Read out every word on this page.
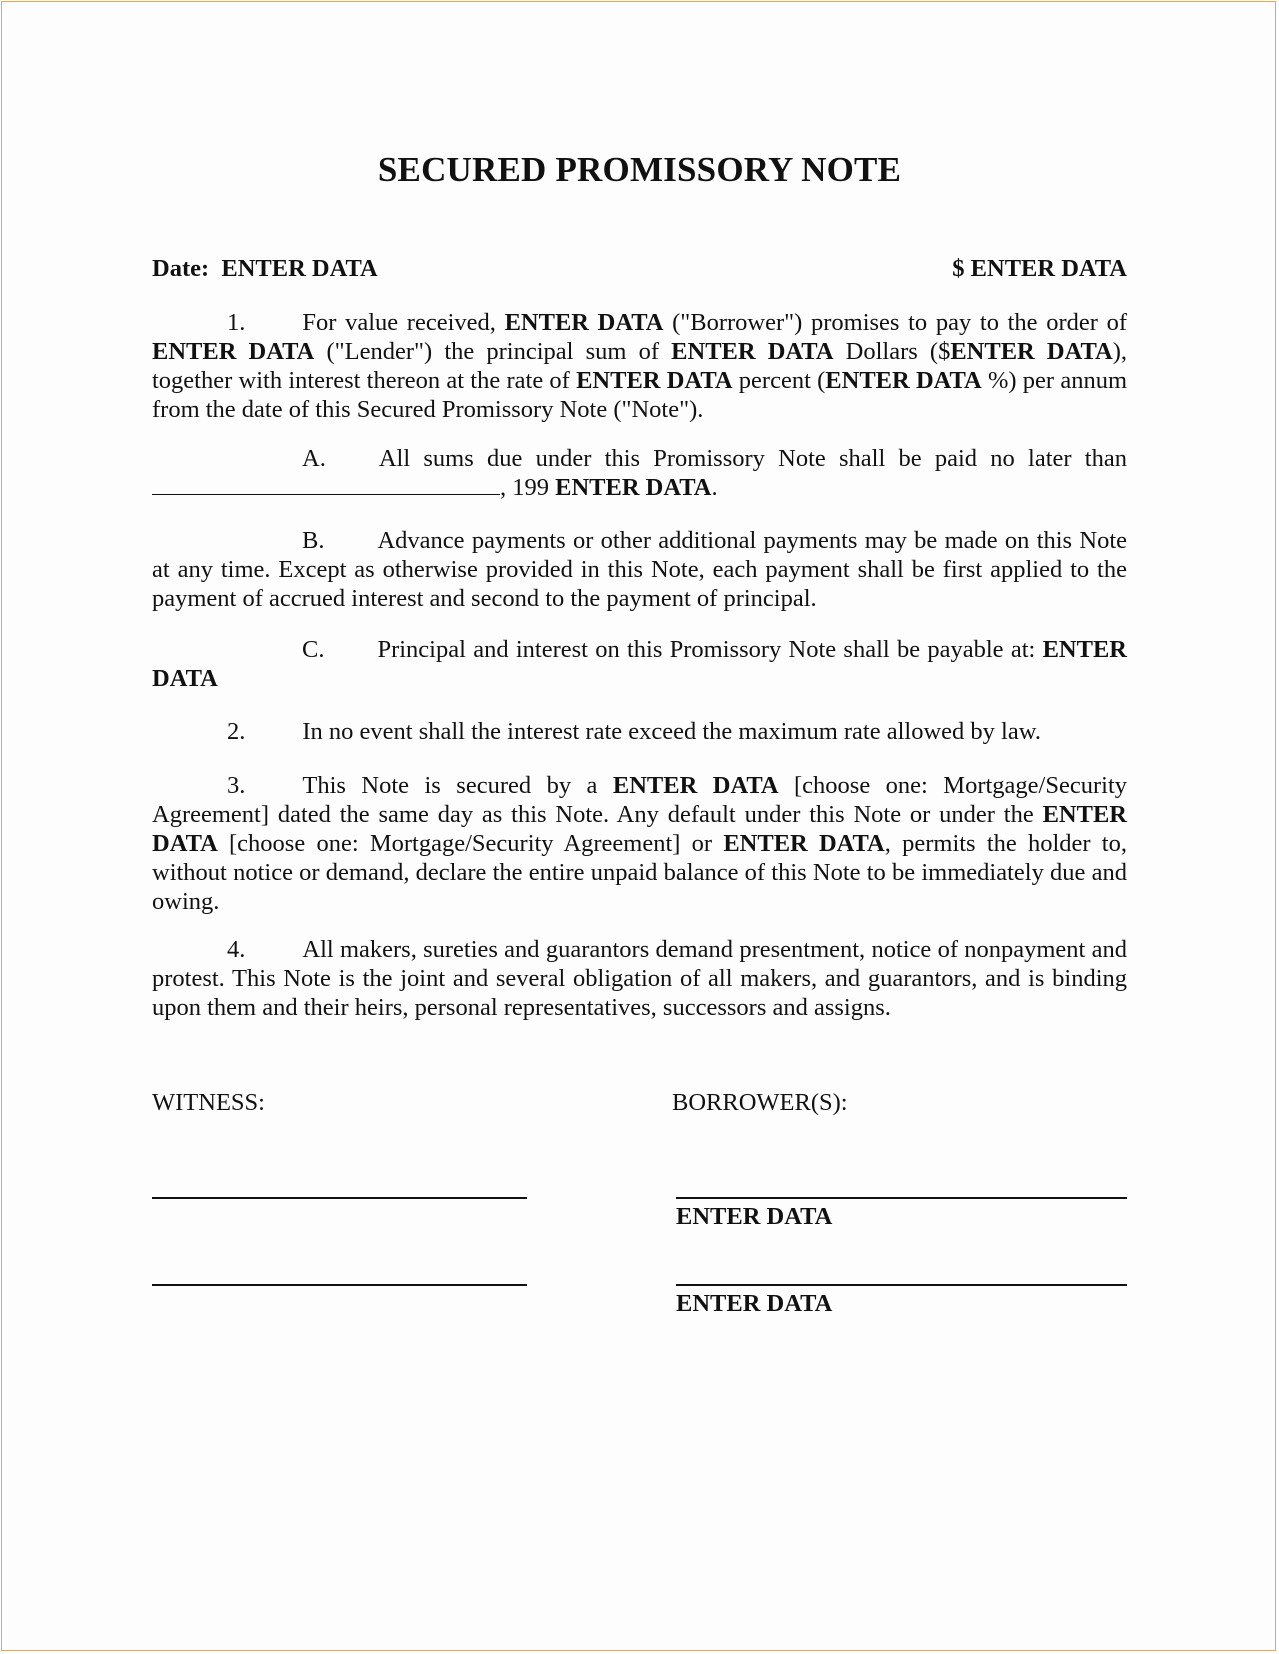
SECURED PROMISSORY NOTE
Date: ENTER DATA	$ ENTER DATA

1. For value received, ENTER DATA ("Borrower") promises to pay to the order of ENTER DATA ("Lender") the principal sum of ENTER DATA Dollars ($ENTER DATA), together with interest thereon at the rate of ENTER DATA percent (ENTER DATA %) per annum from the date of this Secured Promissory Note ("Note").

A. All sums due under this Promissory Note shall be paid no later than , 199 ENTER DATA.

B. Advance payments or other additional payments may be made on this Note at any time. Except as otherwise provided in this Note, each payment shall be first applied to the payment of accrued interest and second to the payment of principal.

C. Principal and interest on this Promissory Note shall be payable at: ENTER DATA

2. In no event shall the interest rate exceed the maximum rate allowed by law.

3. This Note is secured by a ENTER DATA [choose one: Mortgage/Security Agreement] dated the same day as this Note. Any default under this Note or under the ENTER DATA [choose one: Mortgage/Security Agreement] or ENTER DATA, permits the holder to, without notice or demand, declare the entire unpaid balance of this Note to be immediately due and owing.

4. All makers, sureties and guarantors demand presentment, notice of nonpayment and protest. This Note is the joint and several obligation of all makers, and guarantors, and is binding upon them and their heirs, personal representatives, successors and assigns.

WITNESS:	BORROWER(S):
ENTER DATA
ENTER DATA
